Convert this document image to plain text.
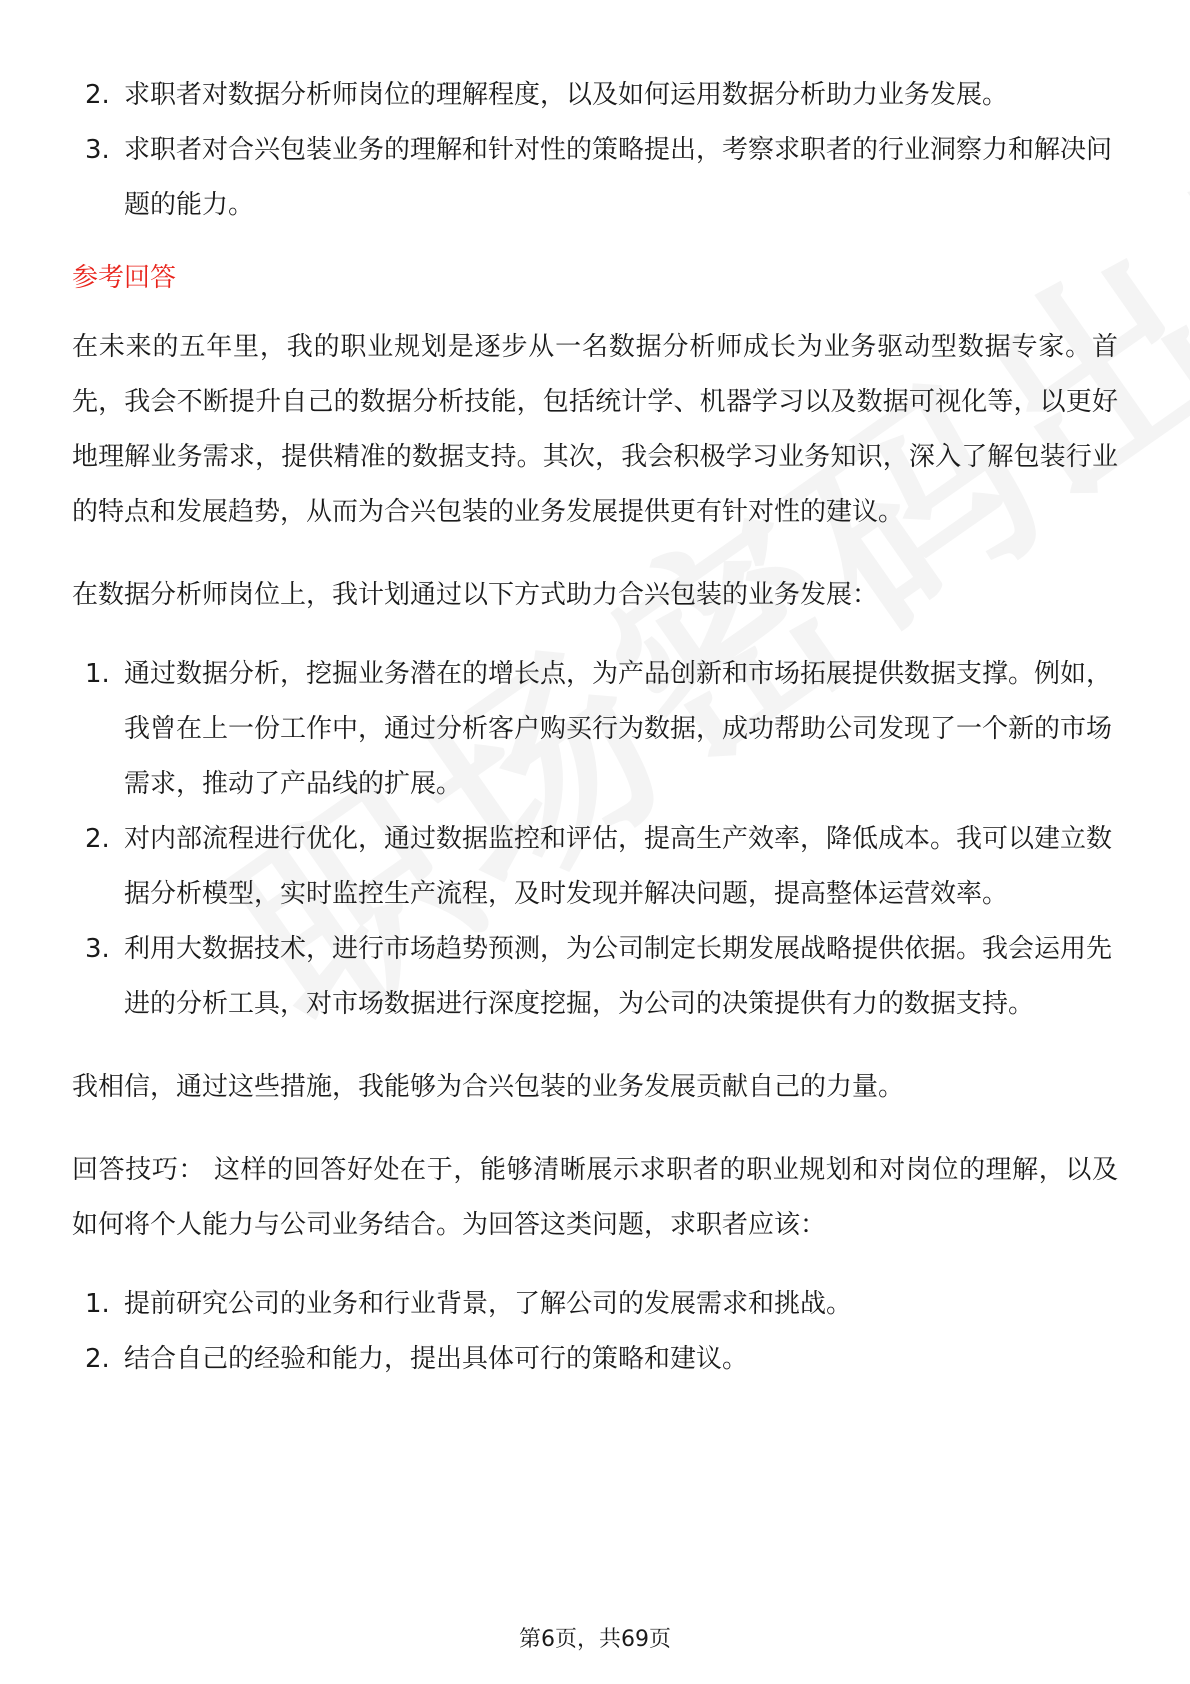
2. 求职者对数据分析师岗位的理解程度，以及如何运用数据分析助力业务发展。
3. 求职者对合兴包装业务的理解和针对性的策略提出，考察求职者的行业洞察力和解决问题的能力。
参考回答

在未来的五年里，我的职业规划是逐步从一名数据分析师成长为业务驱动型数据专家。首先，我会不断提升自己的数据分析技能，包括统计学、机器学习以及数据可视化等，以更好地理解业务需求，提供精准的数据支持。其次，我会积极学习业务知识，深入了解包装行业的特点和发展趋势，从而为合兴包装的业务发展提供更有针对性的建议。

在数据分析师岗位上，我计划通过以下方式助力合兴包装的业务发展：

1. 通过数据分析，挖掘业务潜在的增长点，为产品创新和市场拓展提供数据支撑。例如，我曾在上一份工作中，通过分析客户购买行为数据，成功帮助公司发现了一个新的市场需求，推动了产品线的扩展。
2. 对内部流程进行优化，通过数据监控和评估，提高生产效率，降低成本。我可以建立数据分析模型，实时监控生产流程，及时发现并解决问题，提高整体运营效率。
3. 利用大数据技术，进行市场趋势预测，为公司制定长期发展战略提供依据。我会运用先进的分析工具，对市场数据进行深度挖掘，为公司的决策提供有力的数据支持。

我相信，通过这些措施，我能够为合兴包装的业务发展贡献自己的力量。

回答技巧： 这样的回答好处在于，能够清晰展示求职者的职业规划和对岗位的理解，以及如何将个人能力与公司业务结合。为回答这类问题，求职者应该：

1. 提前研究公司的业务和行业背景，了解公司的发展需求和挑战。
2. 结合自己的经验和能力，提出具体可行的策略和建议。
第6页，共69页
